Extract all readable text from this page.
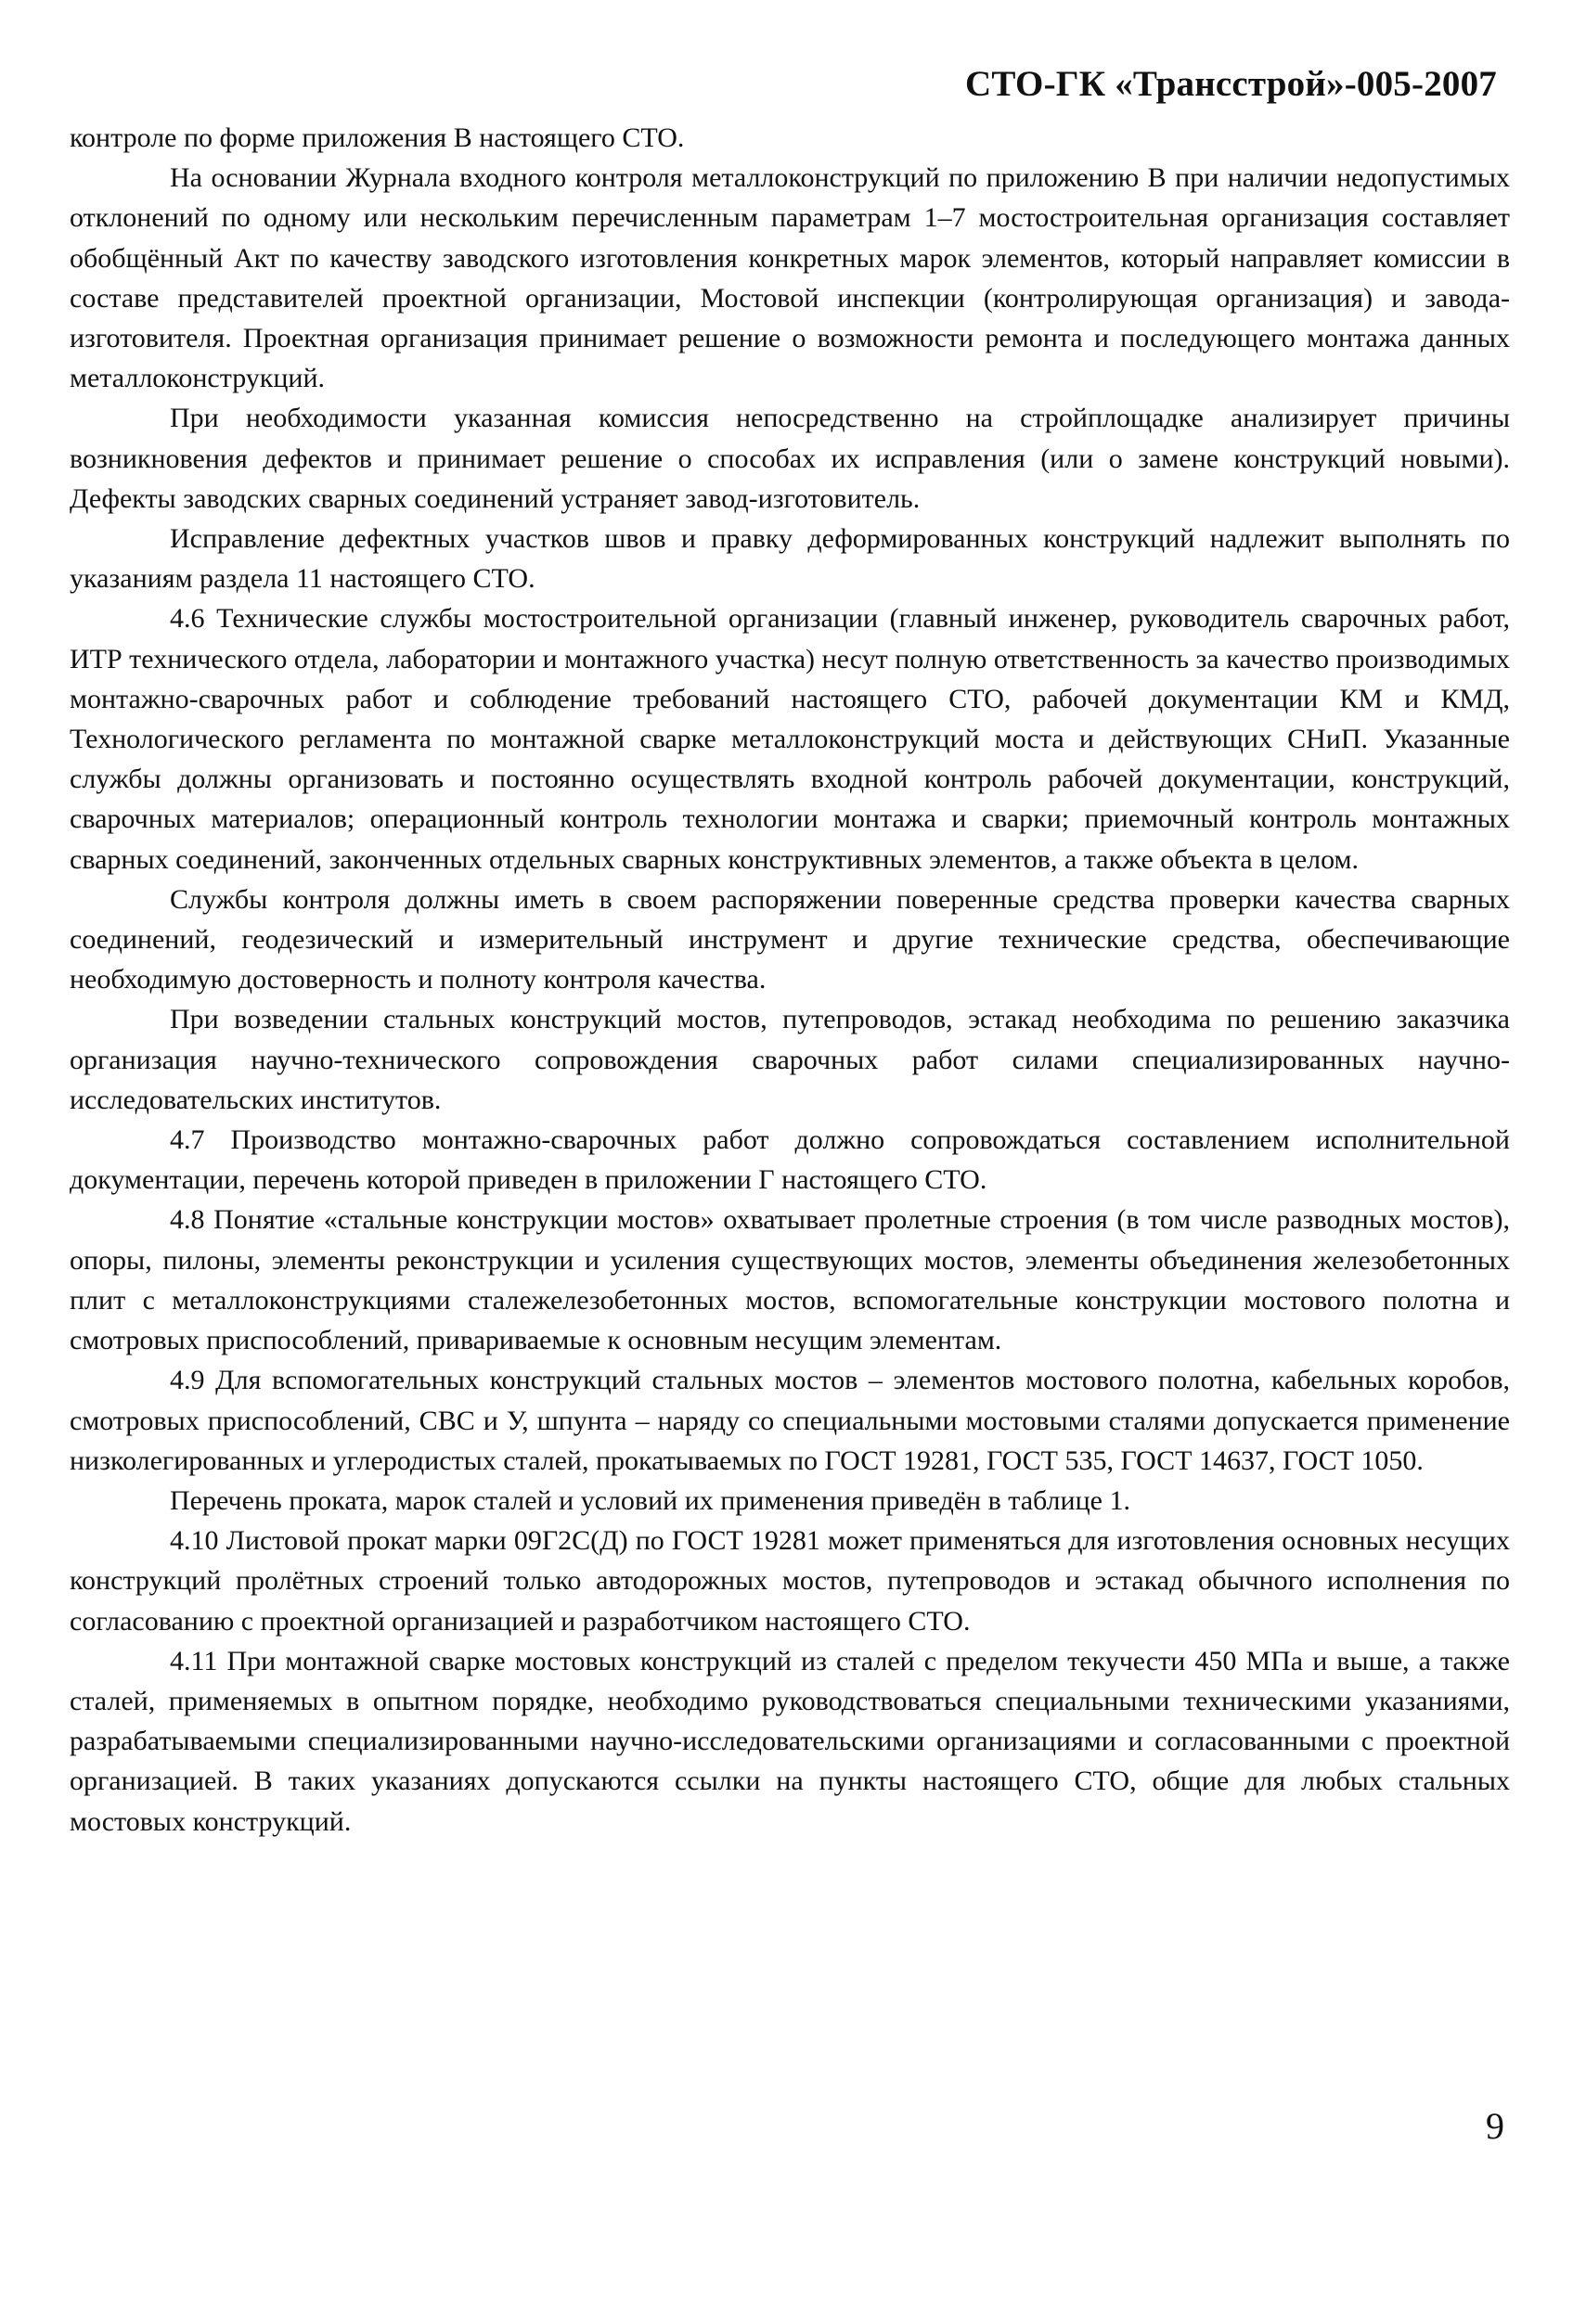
СТО-ГК «Трансстрой»-005-2007

контроле по форме приложения В настоящего СТО.

На основании Журнала входного контроля металлоконструкций по приложению В при наличии недопустимых отклонений по одному или нескольким перечисленным параметрам 1–7 мостостроительная организация составляет обобщённый Акт по качеству заводского изготовления конкретных марок элементов, который направляет комиссии в составе представителей проектной организации, Мостовой инспекции (контролирующая организация) и завода-изготовителя. Проектная организация принимает решение о возможности ремонта и последующего монтажа данных металлоконструкций.

При необходимости указанная комиссия непосредственно на стройплощадке анализирует причины возникновения дефектов и принимает решение о способах их исправления (или о замене конструкций новыми). Дефекты заводских сварных соединений устраняет завод-изготовитель.

Исправление дефектных участков швов и правку деформированных конструкций надлежит выполнять по указаниям раздела 11 настоящего СТО.

4.6 Технические службы мостостроительной организации (главный инженер, руководитель сварочных работ, ИТР технического отдела, лаборатории и монтажного участка) несут полную ответственность за качество производимых монтажно-сварочных работ и соблюдение требований настоящего СТО, рабочей документации КМ и КМД, Технологического регламента по монтажной сварке металлоконструкций моста и действующих СНиП. Указанные службы должны организовать и постоянно осуществлять входной контроль рабочей документации, конструкций, сварочных материалов; операционный контроль технологии монтажа и сварки; приемочный контроль монтажных сварных соединений, законченных отдельных сварных конструктивных элементов, а также объекта в целом.

Службы контроля должны иметь в своем распоряжении поверенные средства проверки качества сварных соединений, геодезический и измерительный инструмент и другие технические средства, обеспечивающие необходимую достоверность и полноту контроля качества.

При возведении стальных конструкций мостов, путепроводов, эстакад необходима по решению заказчика организация научно-технического сопровождения сварочных работ силами специализированных научно-исследовательских институтов.

4.7 Производство монтажно-сварочных работ должно сопровождаться составлением исполнительной документации, перечень которой приведен в приложении Г настоящего СТО.

4.8 Понятие «стальные конструкции мостов» охватывает пролетные строения (в том числе разводных мостов), опоры, пилоны, элементы реконструкции и усиления существующих мостов, элементы объединения железобетонных плит с металлоконструкциями сталежелезобетонных мостов, вспомогательные конструкции мостового полотна и смотровых приспособлений, привариваемые к основным несущим элементам.

4.9 Для вспомогательных конструкций стальных мостов – элементов мостового полотна, кабельных коробов, смотровых приспособлений, СВС и У, шпунта – наряду со специальными мостовыми сталями допускается применение низколегированных и углеродистых сталей, прокатываемых по ГОСТ 19281, ГОСТ 535, ГОСТ 14637, ГОСТ 1050.

Перечень проката, марок сталей и условий их применения приведён в таблице 1.

4.10 Листовой прокат марки 09Г2С(Д) по ГОСТ 19281 может применяться для изготовления основных несущих конструкций пролётных строений только автодорожных мостов, путепроводов и эстакад обычного исполнения по согласованию с проектной организацией и разработчиком настоящего СТО.

4.11 При монтажной сварке мостовых конструкций из сталей с пределом текучести 450 МПа и выше, а также сталей, применяемых в опытном порядке, необходимо руководствоваться специальными техническими указаниями, разрабатываемыми специализированными научно-исследовательскими организациями и согласованными с проектной организацией. В таких указаниях допускаются ссылки на пункты настоящего СТО, общие для любых стальных мостовых конструкций.

9
